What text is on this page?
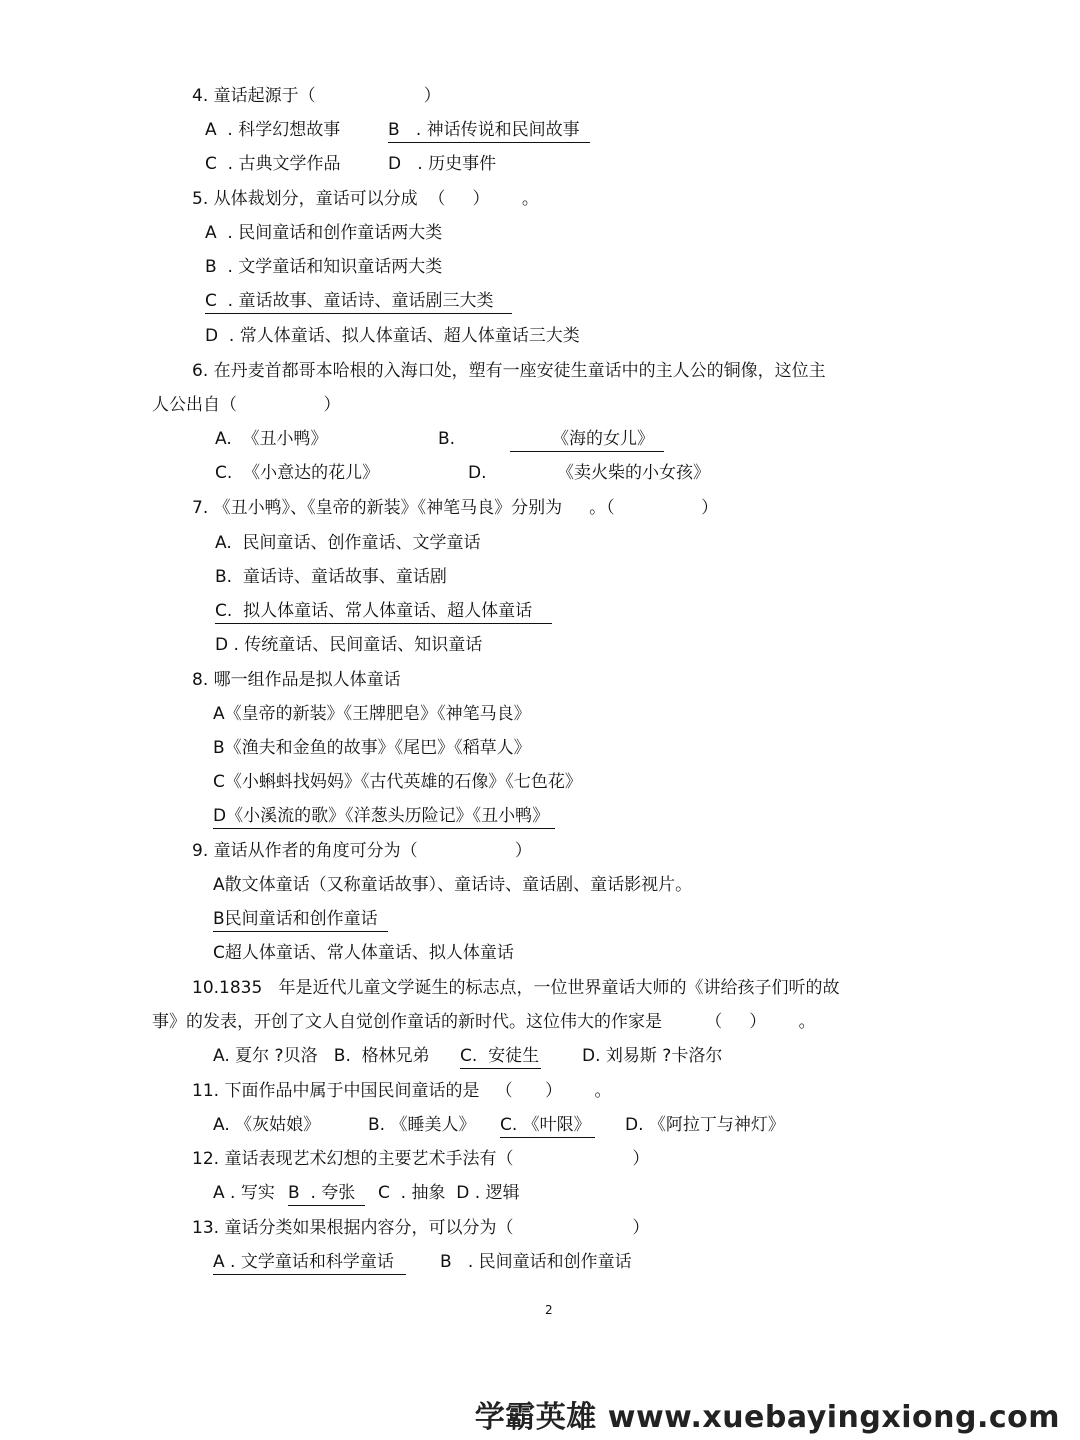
4. 童话起源于（                    ）

A  . 科学幻想故事	B   . 神话传说和民间故事

C  . 古典文学作品	D   . 历史事件

5. 从体裁划分，童话可以分成  （     ）      。

A  . 民间童话和创作童话两大类

B  . 文学童话和知识童话两大类

C  . 童话故事、童话诗、童话剧三大类

D  . 常人体童话、拟人体童话、超人体童话三大类

6. 在丹麦首都哥本哈根的入海口处，塑有一座安徒生童话中的主人公的铜像，这位主

人公出自（                ）

A.  《丑小鸭》	B.	《海的女儿》

C.  《小意达的花儿》	D.	《卖火柴的小女孩》

7. 《丑小鸭》、《皇帝的新装》《神笔马良》分别为     。（                ）

A.  民间童话、创作童话、文学童话

B.  童话诗、童话故事、童话剧

C.  拟人体童话、常人体童话、超人体童话

D . 传统童话、民间童话、知识童话

8. 哪一组作品是拟人体童话

A《皇帝的新装》《王牌肥皂》《神笔马良》

B《渔夫和金鱼的故事》《尾巴》《稻草人》

C《小蝌蚪找妈妈》《古代英雄的石像》《七色花》

D《小溪流的歌》《洋葱头历险记》《丑小鸭》

9. 童话从作者的角度可分为（                  ）

A散文体童话（又称童话故事）、童话诗、童话剧、童话影视片。

B民间童话和创作童话

C超人体童话、常人体童话、拟人体童话

10.1835   年是近代儿童文学诞生的标志点，一位世界童话大师的《讲给孩子们听的故

事》的发表，开创了文人自觉创作童话的新时代。这位伟大的作家是        （     ）      。

A. 夏尔 ?贝洛   B.  格林兄弟 C.  安徒生	D. 刘易斯 ?卡洛尔

11. 下面作品中属于中国民间童话的是   （      ）      。

A. 《灰姑娘》	B. 《睡美人》 C. 《叶限》 D. 《阿拉丁与神灯》

12. 童话表现艺术幻想的主要艺术手法有（                      ）

A . 写实 B  . 夸张	C  . 抽象  D . 逻辑

13. 童话分类如果根据内容分，可以分为（                      ）

A . 文学童话和科学童话	B   . 民间童话和创作童话

2
学霸英雄 www.xuebayingxiong.com
